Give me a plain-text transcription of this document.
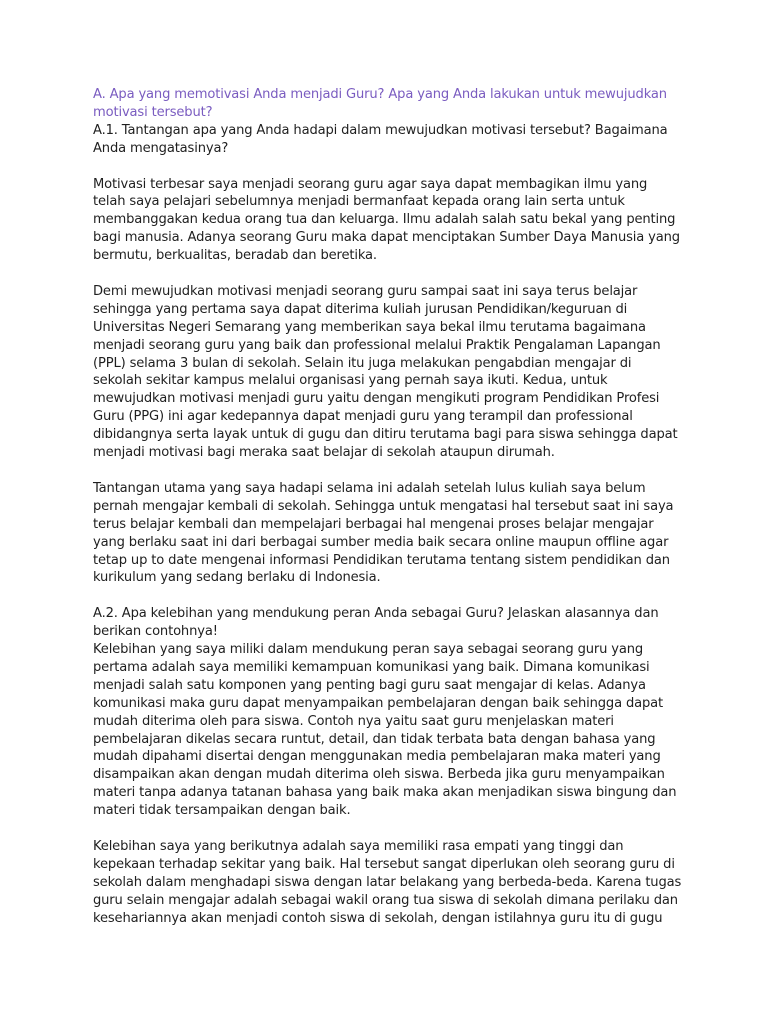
A. Apa yang memotivasi Anda menjadi Guru? Apa yang Anda lakukan untuk mewujudkan motivasi tersebut?

A.1. Tantangan apa yang Anda hadapi dalam mewujudkan motivasi tersebut? Bagaimana Anda mengatasinya?

Motivasi terbesar saya menjadi seorang guru agar saya dapat membagikan ilmu yang telah saya pelajari sebelumnya menjadi bermanfaat kepada orang lain serta untuk membanggakan kedua orang tua dan keluarga. Ilmu adalah salah satu bekal yang penting bagi manusia. Adanya seorang Guru maka dapat menciptakan Sumber Daya Manusia yang bermutu, berkualitas, beradab dan beretika.

Demi mewujudkan motivasi menjadi seorang guru sampai saat ini saya terus belajar sehingga yang pertama saya dapat diterima kuliah jurusan Pendidikan/keguruan di Universitas Negeri Semarang yang memberikan saya bekal ilmu terutama bagaimana menjadi seorang guru yang baik dan professional melalui Praktik Pengalaman Lapangan (PPL) selama 3 bulan di sekolah. Selain itu juga melakukan pengabdian mengajar di sekolah sekitar kampus melalui organisasi yang pernah saya ikuti. Kedua, untuk mewujudkan motivasi menjadi guru yaitu dengan mengikuti program Pendidikan Profesi Guru (PPG) ini agar kedepannya dapat menjadi guru yang terampil dan professional dibidangnya serta layak untuk di gugu dan ditiru terutama bagi para siswa sehingga dapat menjadi motivasi bagi meraka saat belajar di sekolah ataupun dirumah.

Tantangan utama yang saya hadapi selama ini adalah setelah lulus kuliah saya belum pernah mengajar kembali di sekolah. Sehingga untuk mengatasi hal tersebut saat ini saya terus belajar kembali dan mempelajari berbagai hal mengenai proses belajar mengajar yang berlaku saat ini dari berbagai sumber media baik secara online maupun offline agar tetap up to date mengenai informasi Pendidikan terutama tentang sistem pendidikan dan kurikulum yang sedang berlaku di Indonesia.

A.2. Apa kelebihan yang mendukung peran Anda sebagai Guru? Jelaskan alasannya dan berikan contohnya!

Kelebihan yang saya miliki dalam mendukung peran saya sebagai seorang guru yang pertama adalah saya memiliki kemampuan komunikasi yang baik. Dimana komunikasi menjadi salah satu komponen yang penting bagi guru saat mengajar di kelas. Adanya komunikasi maka guru dapat menyampaikan pembelajaran dengan baik sehingga dapat mudah diterima oleh para siswa. Contoh nya yaitu saat guru menjelaskan materi pembelajaran dikelas secara runtut, detail, dan tidak terbata bata dengan bahasa yang mudah dipahami disertai dengan menggunakan media pembelajaran maka materi yang disampaikan akan dengan mudah diterima oleh siswa. Berbeda jika guru menyampaikan materi tanpa adanya tatanan bahasa yang baik maka akan menjadikan siswa bingung dan materi tidak tersampaikan dengan baik.

Kelebihan saya yang berikutnya adalah saya memiliki rasa empati yang tinggi dan kepekaan terhadap sekitar yang baik. Hal tersebut sangat diperlukan oleh seorang guru di sekolah dalam menghadapi siswa dengan latar belakang yang berbeda-beda. Karena tugas guru selain mengajar adalah sebagai wakil orang tua siswa di sekolah dimana perilaku dan kesehariannya akan menjadi contoh siswa di sekolah, dengan istilahnya guru itu di gugu
